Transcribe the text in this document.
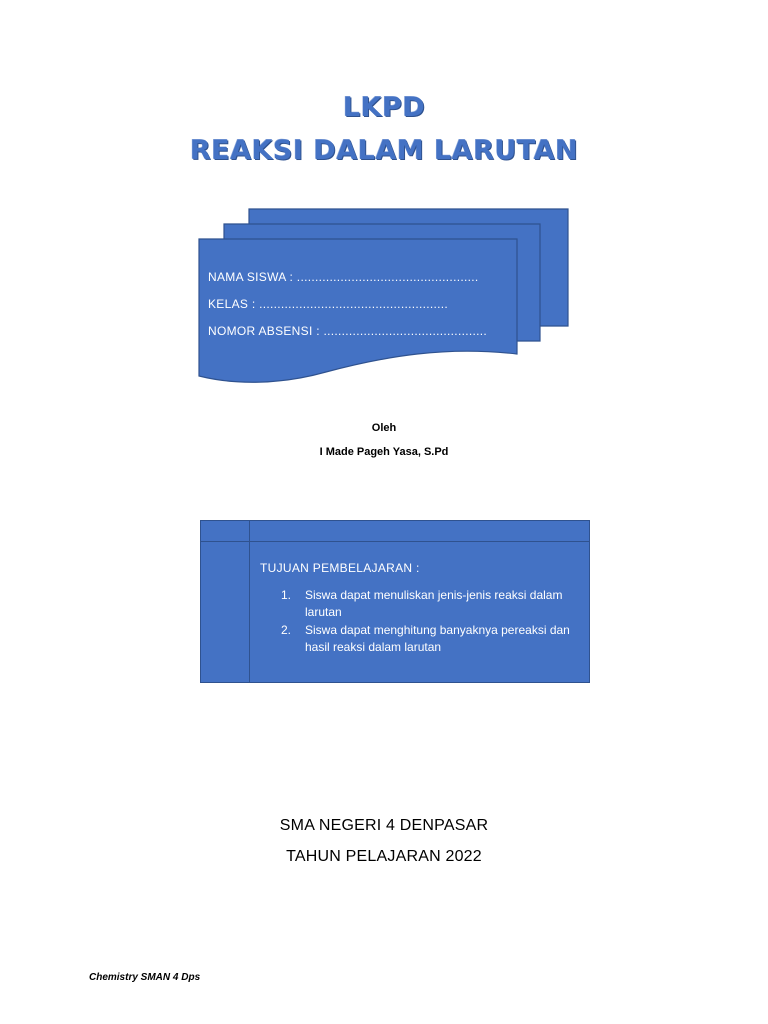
LKPD
REAKSI DALAM LARUTAN
NAMA SISWA : ..................................................
KELAS : ....................................................
NOMOR ABSENSI : .............................................
Oleh
I Made Pageh Yasa, S.Pd
TUJUAN PEMBELAJARAN :
1. Siswa dapat menuliskan jenis-jenis reaksi dalam larutan
2. Siswa dapat menghitung banyaknya pereaksi dan hasil reaksi dalam larutan
SMA NEGERI 4 DENPASAR
TAHUN PELAJARAN 2022
Chemistry SMAN 4 Dps
